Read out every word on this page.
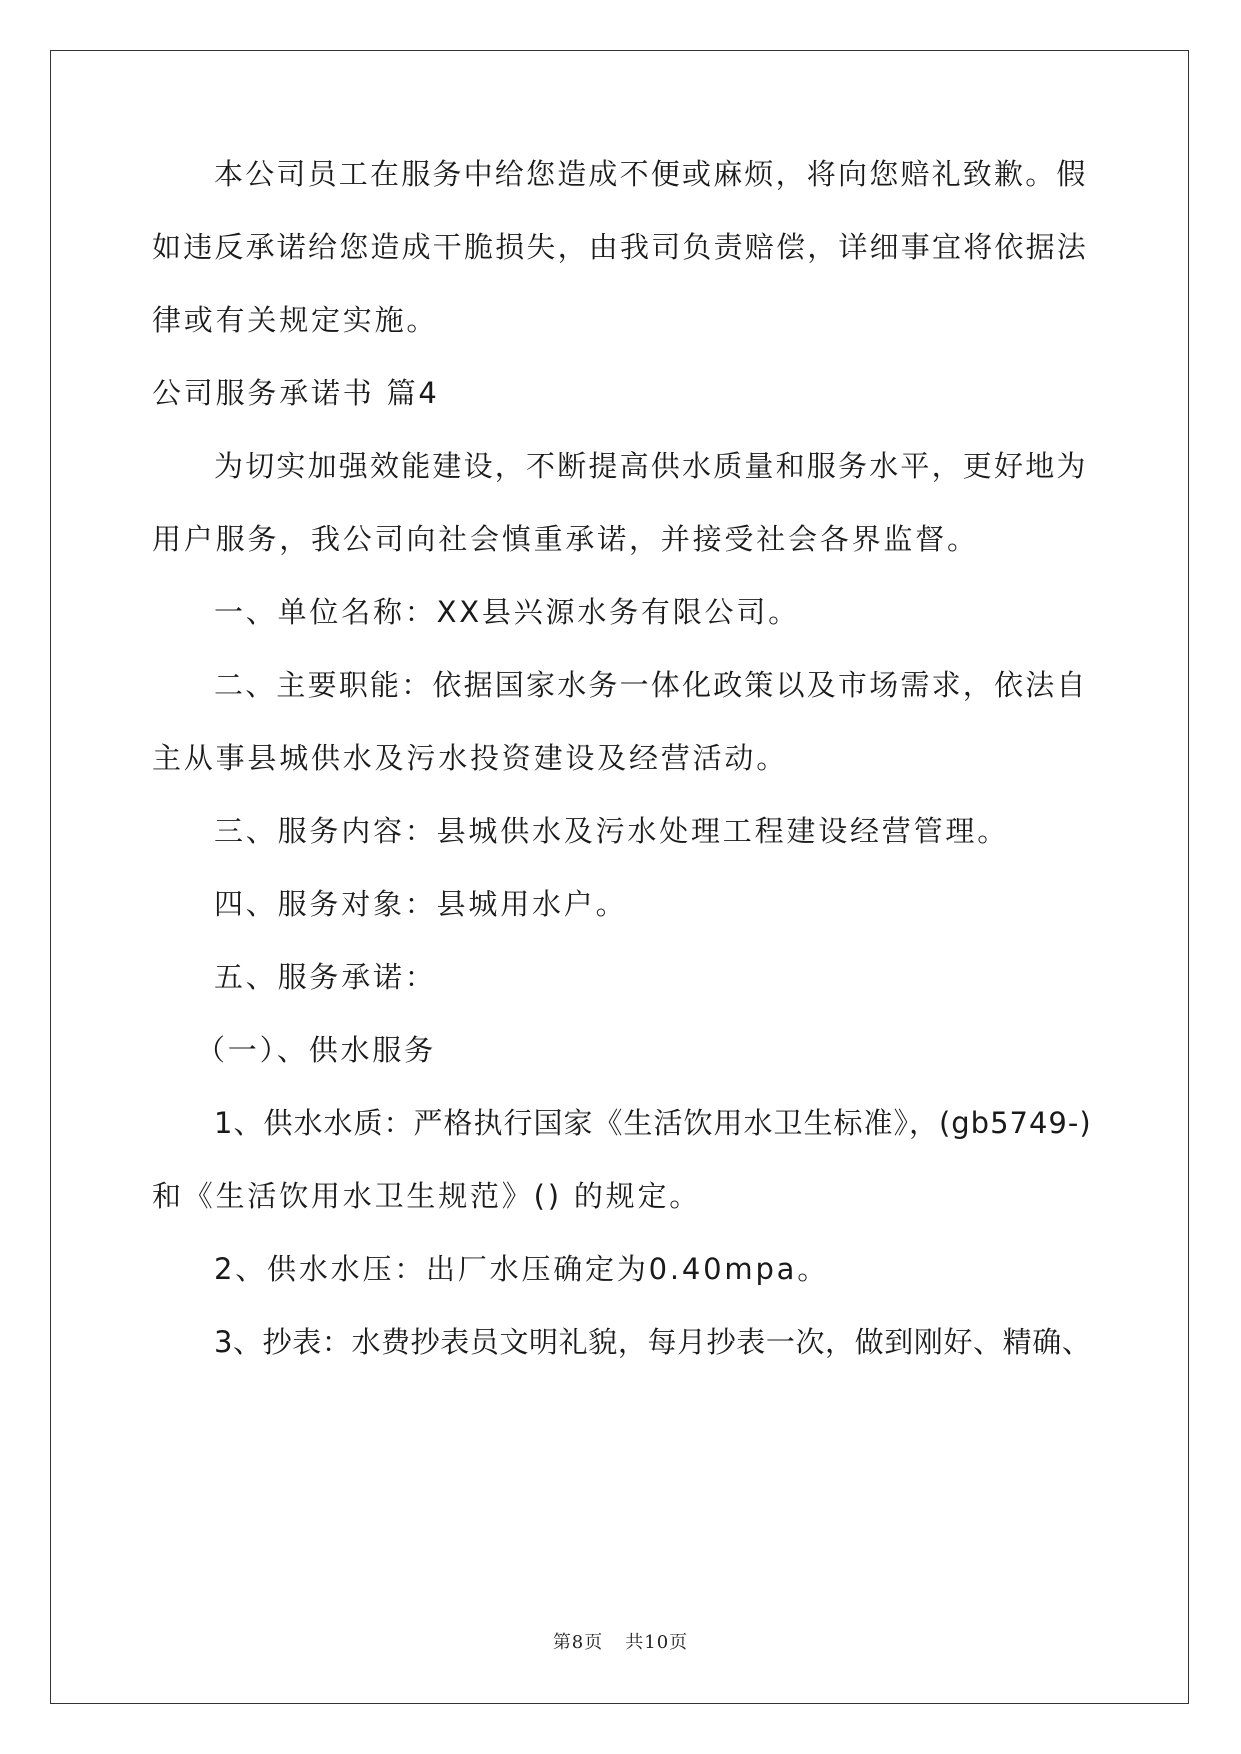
本公司员工在服务中给您造成不便或麻烦，将向您赔礼致歉。假
如违反承诺给您造成干脆损失，由我司负责赔偿，详细事宜将依据法
律或有关规定实施。
公司服务承诺书 篇4
为切实加强效能建设，不断提高供水质量和服务水平，更好地为
用户服务，我公司向社会慎重承诺，并接受社会各界监督。
一、单位名称：XX县兴源水务有限公司。
二、主要职能：依据国家水务一体化政策以及市场需求，依法自
主从事县城供水及污水投资建设及经营活动。
三、服务内容：县城供水及污水处理工程建设经营管理。
四、服务对象：县城用水户。
五、服务承诺：
（一）、供水服务
1、供水水质：严格执行国家《生活饮用水卫生标准》，(gb5749-)
和《生活饮用水卫生规范》() 的规定。
2、供水水压：出厂水压确定为0.40mpa。
3、抄表：水费抄表员文明礼貌，每月抄表一次，做到刚好、精确、
第8页 共10页
